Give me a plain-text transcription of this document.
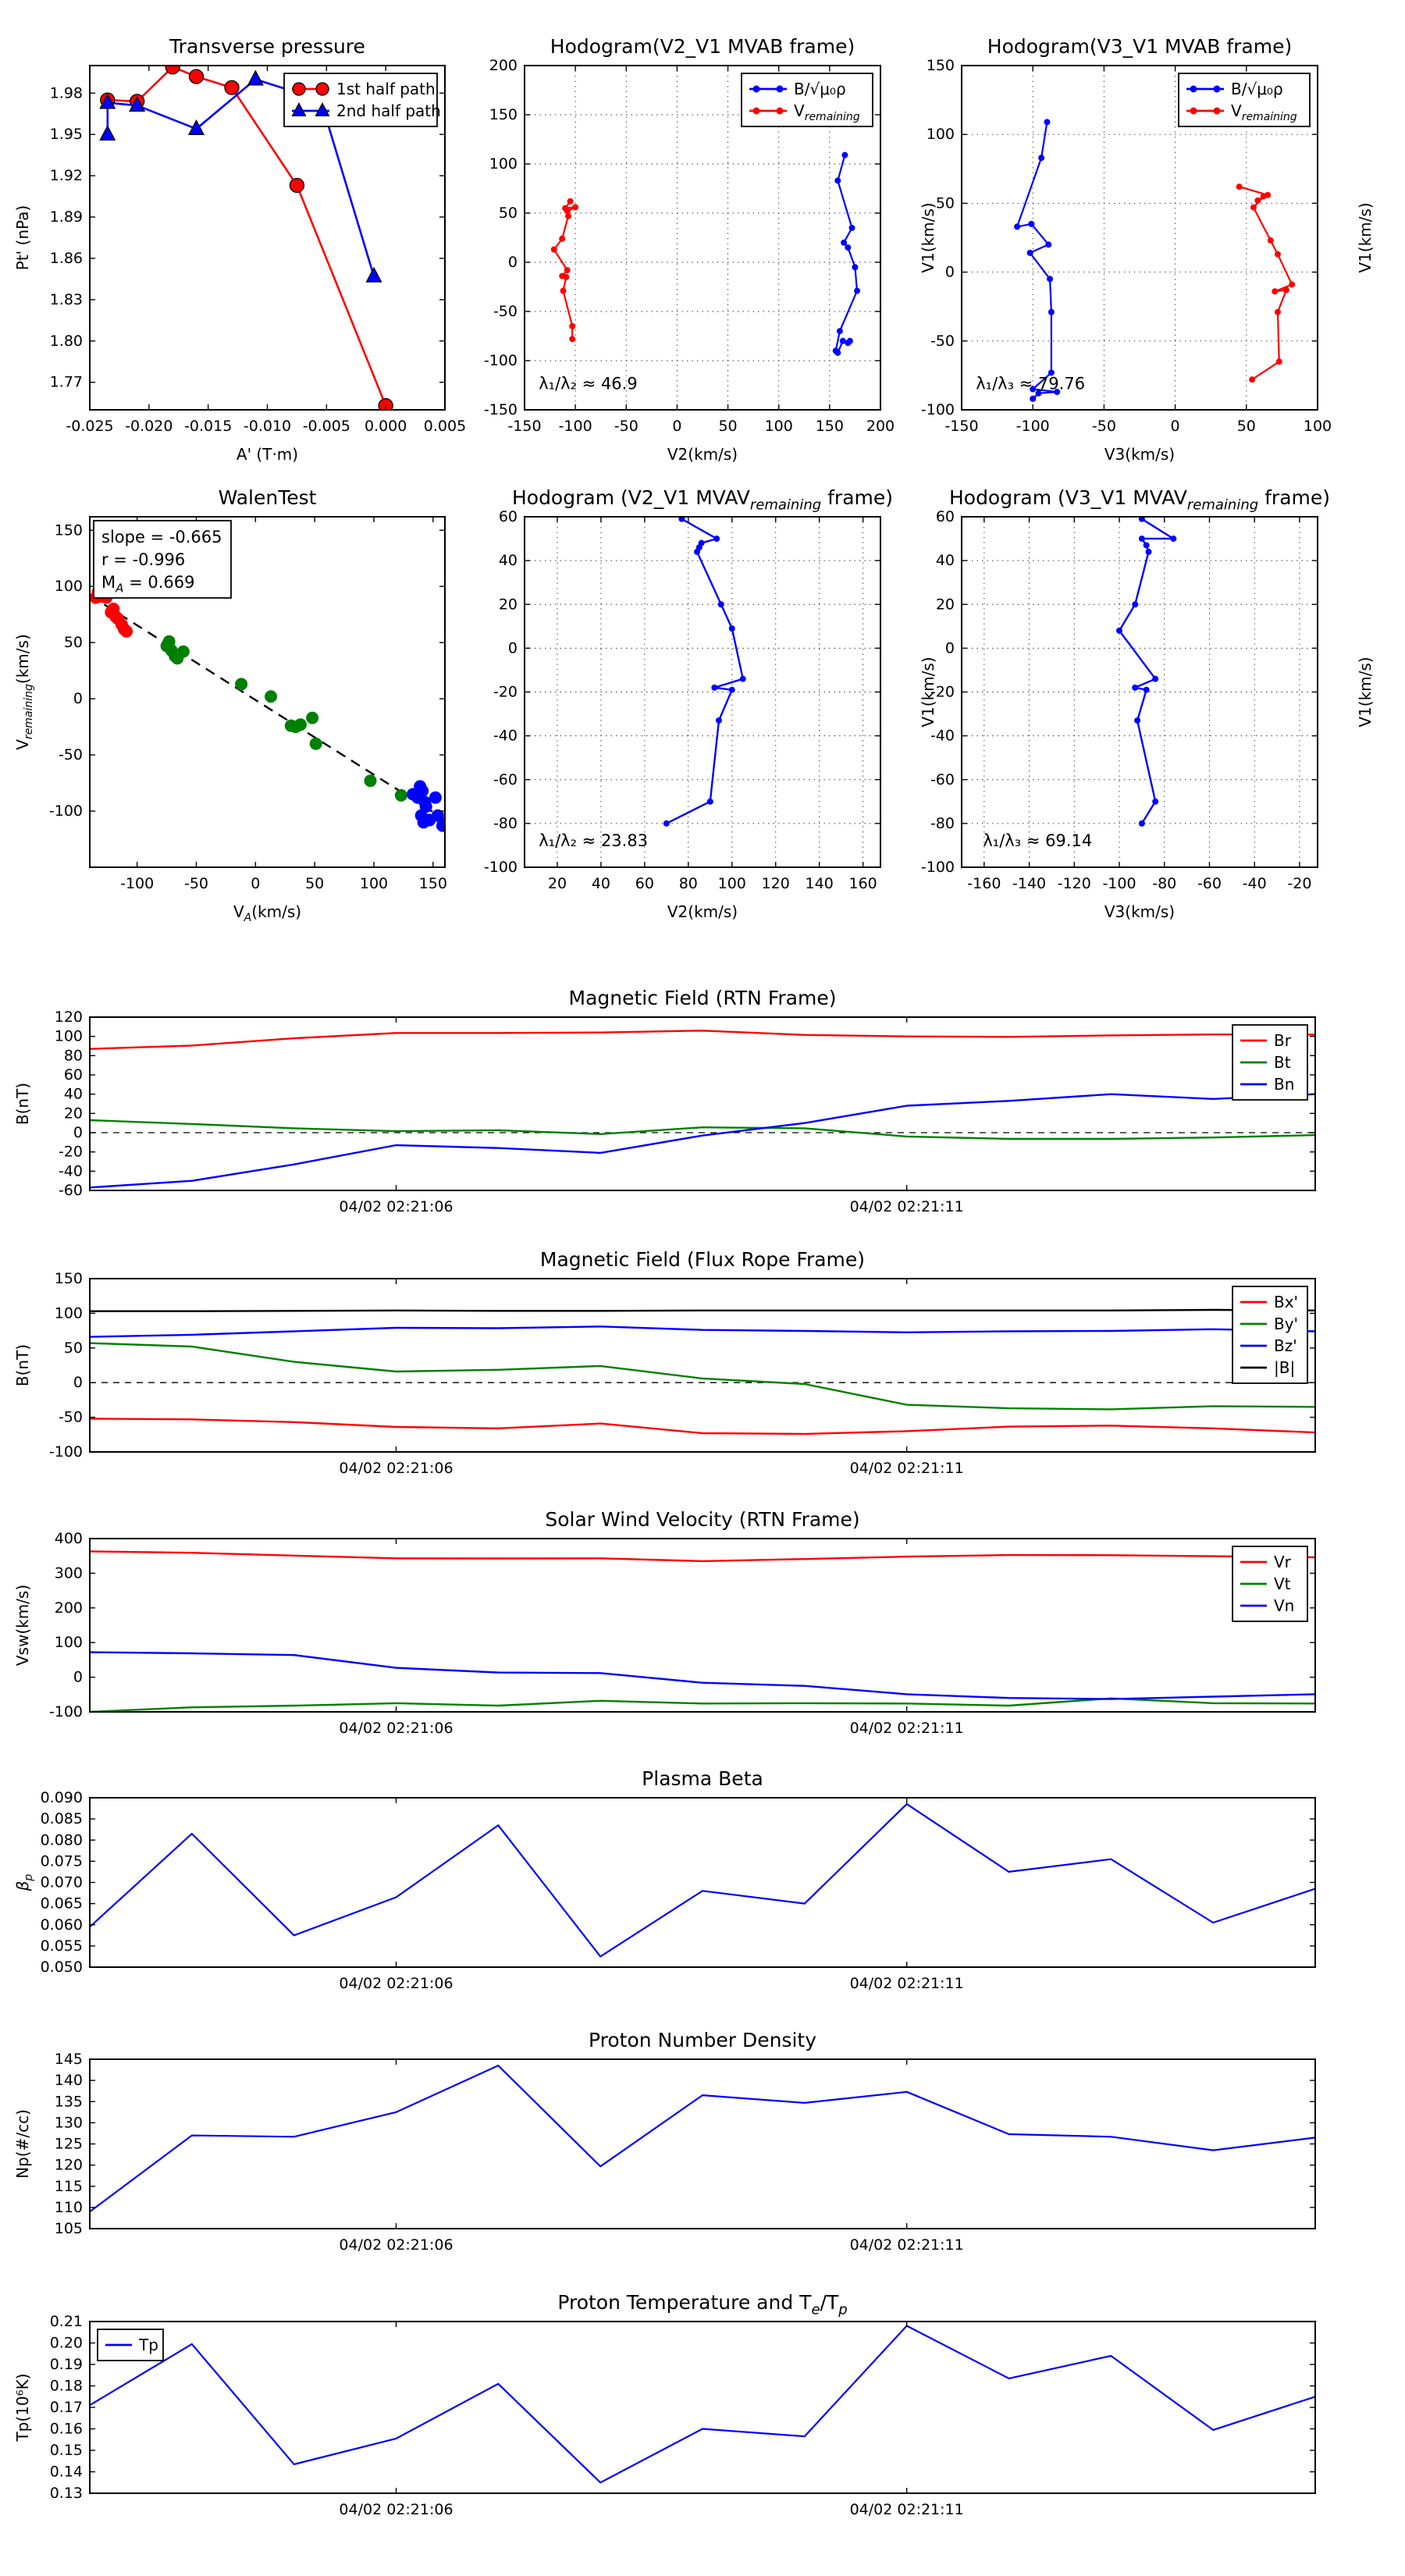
-0.025 -0.020 -0.015 -0.010 -0.005 0.000 0.005
1.77
1.80
1.83
1.86
1.89
1.92
1.95
1.98
Transverse pressure
A' (T·m)
Pt' (nPa)
1st half path
2nd half path
-150 -100 -50 0 50 100 150 200
-150
-100
-50
0
50
100
150
200
Hodogram(V2_V1 MVAB frame)
V2(km/s)
V1(km/s)
λ₁/λ₂ ≈ 46.9
B/√μ₀ρ
$V_{remaining}$
-150	-100	-50	0	50	100
-100
-50
0
50
100
150
Hodogram(V3_V1 MVAB frame)
V3(km/s)
V1(km/s)
λ₁/λ₃ ≈ 79.76
B/√μ₀ρ
$V_{remaining}$
-100 -50	0	50 100 150
-100
-50
0
50
100
150
WalenTest
$V_A(km/s)$
$V_{remaining}(km/s)$
slope = -0.665
r = -0.996
$M_A = 0.669$
20 40 60 80 100 120 140 160
-100
-80
-60
-40
-20
0
20
40
60
Hodogram (V2_V1 $MVAV_{remaining}$ frame)
V2(km/s)
V1(km/s)
λ₁/λ₂ ≈ 23.83
-160 -140 -120 -100 -80 -60 -40 -20
-100
-80
-60
-40
-20
0
20
40
60
Hodogram (V3_V1 $MVAV_{remaining}$ frame)
V3(km/s)
V1(km/s)
λ₁/λ₃ ≈ 69.14
04/02 02:21:06	04/02 02:21:11
-60
-40
-20
0
20
40
60
80
100
120
Magnetic Field (RTN Frame)
B(nT)
Br
Bt
Bn
04/02 02:21:06	04/02 02:21:11
-100
-50
0
50
100
150
Magnetic Field (Flux Rope Frame)
B(nT)
Bx'
By'
Bz'
|B|
04/02 02:21:06	04/02 02:21:11
-100
0
100
200
300
400
Solar Wind Velocity (RTN Frame)
Vsw(km/s)
Vr
Vt
Vn
04/02 02:21:06	04/02 02:21:11
0.050
0.055
0.060
0.065
0.070
0.075
0.080
0.085
0.090
Plasma Beta
$\beta_p$
04/02 02:21:06	04/02 02:21:11
105
110
115
120
125
130
135
140
145
Proton Number Density
Np(#/cc)
04/02 02:21:06	04/02 02:21:11
0.13
0.14
0.15
0.16
0.17
0.18
0.19
0.20
0.21
Proton Temperature and $T_e/T_p$
Tp(10⁶K)
Tp
